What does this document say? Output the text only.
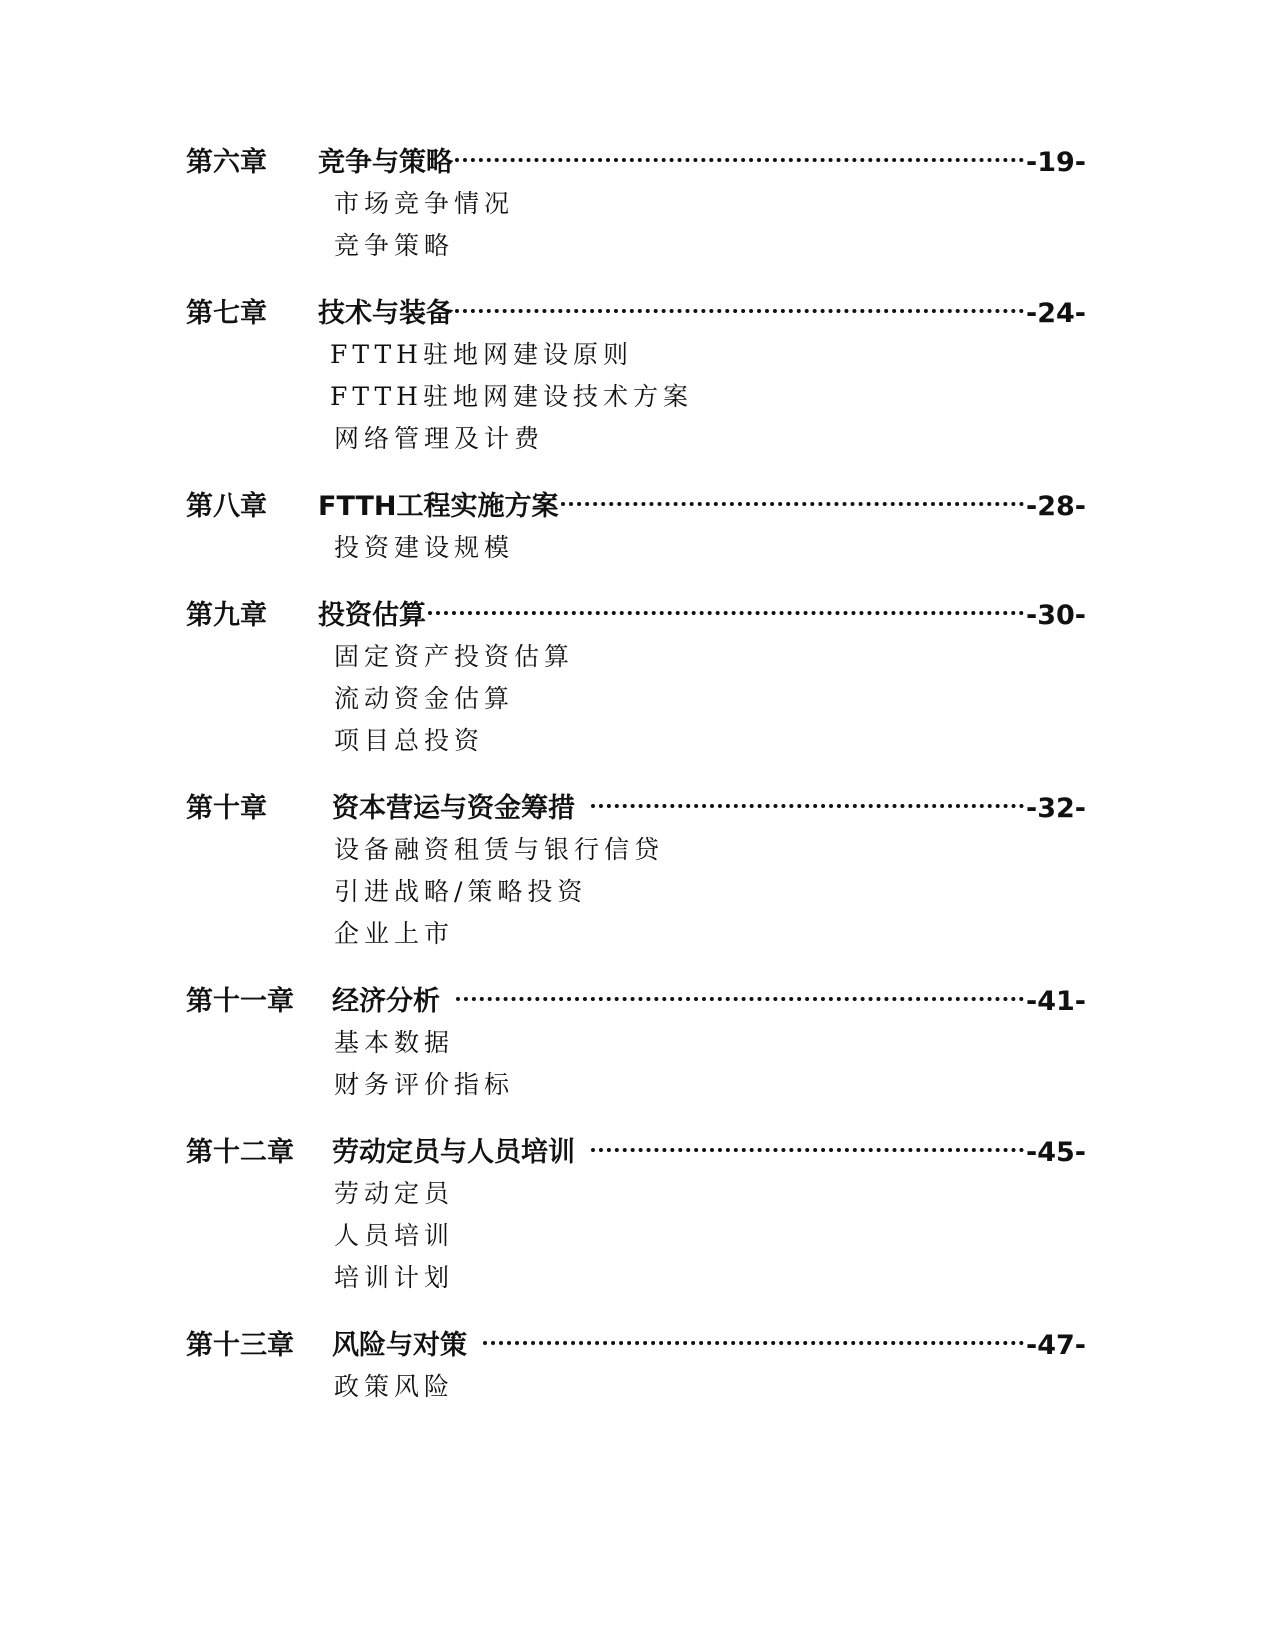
第六章	竞争与策略	-19-
市场竞争情况
竞争策略
第七章	技术与装备	-24-
FTTH驻地网建设原则
FTTH驻地网建设技术方案
网络管理及计费
第八章	FTTH工程实施方案	-28-
投资建设规模
第九章	投资估算	-30-
固定资产投资估算
流动资金估算
项目总投资
第十章	资本营运与资金筹措	-32-
设备融资租赁与银行信贷
引进战略/策略投资
企业上市
第十一章	经济分析	-41-
基本数据
财务评价指标
第十二章	劳动定员与人员培训	-45-
劳动定员
人员培训
培训计划
第十三章	风险与对策	-47-
政策风险
